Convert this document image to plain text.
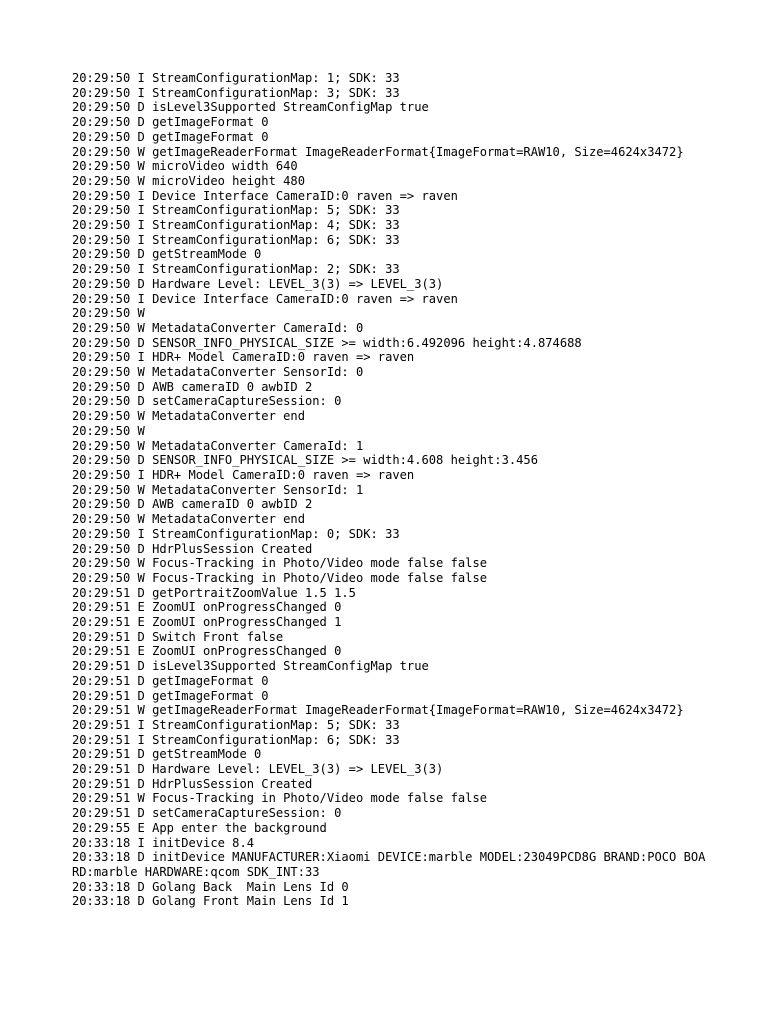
20:29:50 I StreamConfigurationMap: 1; SDK: 33

20:29:50 I StreamConfigurationMap: 3; SDK: 33

20:29:50 D isLevel3Supported StreamConfigMap true

20:29:50 D getImageFormat 0

20:29:50 D getImageFormat 0

20:29:50 W getImageReaderFormat ImageReaderFormat{ImageFormat=RAW10, Size=4624x3472}

20:29:50 W microVideo width 640

20:29:50 W microVideo height 480

20:29:50 I Device Interface CameraID:0 raven => raven

20:29:50 I StreamConfigurationMap: 5; SDK: 33

20:29:50 I StreamConfigurationMap: 4; SDK: 33

20:29:50 I StreamConfigurationMap: 6; SDK: 33

20:29:50 D getStreamMode 0

20:29:50 I StreamConfigurationMap: 2; SDK: 33

20:29:50 D Hardware Level: LEVEL_3(3) => LEVEL_3(3)

20:29:50 I Device Interface CameraID:0 raven => raven

20:29:50 W

20:29:50 W MetadataConverter CameraId: 0

20:29:50 D SENSOR_INFO_PHYSICAL_SIZE >= width:6.492096 height:4.874688

20:29:50 I HDR+ Model CameraID:0 raven => raven

20:29:50 W MetadataConverter SensorId: 0

20:29:50 D AWB cameraID 0 awbID 2

20:29:50 D setCameraCaptureSession: 0

20:29:50 W MetadataConverter end

20:29:50 W

20:29:50 W MetadataConverter CameraId: 1

20:29:50 D SENSOR_INFO_PHYSICAL_SIZE >= width:4.608 height:3.456

20:29:50 I HDR+ Model CameraID:0 raven => raven

20:29:50 W MetadataConverter SensorId: 1

20:29:50 D AWB cameraID 0 awbID 2

20:29:50 W MetadataConverter end

20:29:50 I StreamConfigurationMap: 0; SDK: 33

20:29:50 D HdrPlusSession Created

20:29:50 W Focus-Tracking in Photo/Video mode false false

20:29:50 W Focus-Tracking in Photo/Video mode false false

20:29:51 D getPortraitZoomValue 1.5 1.5

20:29:51 E ZoomUI onProgressChanged 0

20:29:51 E ZoomUI onProgressChanged 1

20:29:51 D Switch Front false

20:29:51 E ZoomUI onProgressChanged 0

20:29:51 D isLevel3Supported StreamConfigMap true

20:29:51 D getImageFormat 0

20:29:51 D getImageFormat 0

20:29:51 W getImageReaderFormat ImageReaderFormat{ImageFormat=RAW10, Size=4624x3472}

20:29:51 I StreamConfigurationMap: 5; SDK: 33

20:29:51 I StreamConfigurationMap: 6; SDK: 33

20:29:51 D getStreamMode 0

20:29:51 D Hardware Level: LEVEL_3(3) => LEVEL_3(3)

20:29:51 D HdrPlusSession Created

20:29:51 W Focus-Tracking in Photo/Video mode false false

20:29:51 D setCameraCaptureSession: 0

20:29:55 E App enter the background

20:33:18 I initDevice 8.4

20:33:18 D initDevice MANUFACTURER:Xiaomi DEVICE:marble MODEL:23049PCD8G BRAND:POCO BOARD:marble HARDWARE:qcom SDK_INT:33

20:33:18 D Golang Back  Main Lens Id 0

20:33:18 D Golang Front Main Lens Id 1
